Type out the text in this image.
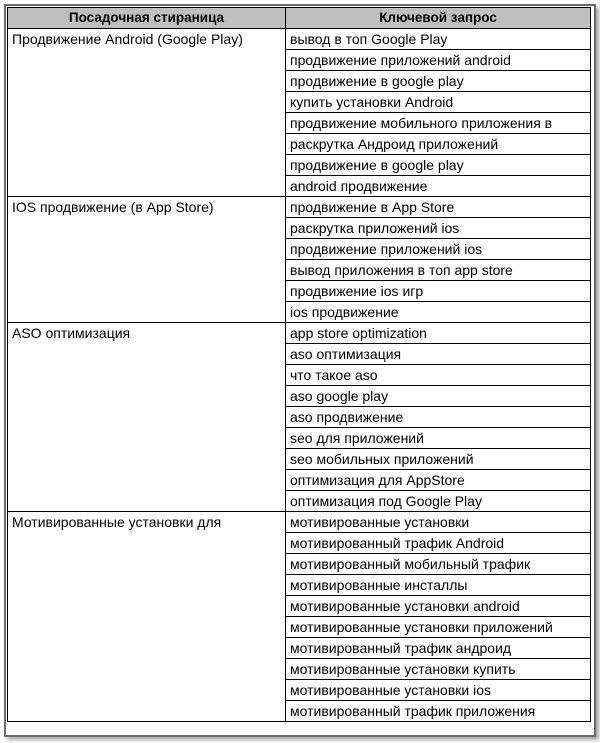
Посадочная стираница	Ключевой запрос
Продвижение Android (Google Play)	вывод в топ Google Play
	продвижение приложений android
	продвижение в google play
	купить установки Android
	продвижение мобильного приложения в
	раскрутка Андроид приложений
	продвижение в google play
	android продвижение
IOS продвижение (в App Store)	продвижение в App Store
	раскрутка приложений ios
	продвижение приложений ios
	вывод приложения в топ app store
	продвижение ios игр
	ios продвижение
ASO оптимизация	app store optimization
	aso оптимизация
	что такое aso
	aso google play
	aso продвижение
	seo для приложений
	seo мобильных приложений
	оптимизация для AppStore
	оптимизация под Google Play
Мотивированные установки для	мотивированные установки
	мотивированный трафик Android
	мотивированный мобильный трафик
	мотивированные инсталлы
	мотивированные установки android
	мотивированные установки приложений
	мотивированный трафик андроид
	мотивированные установки купить
	мотивированные установки ios
	мотивированный трафик приложения
